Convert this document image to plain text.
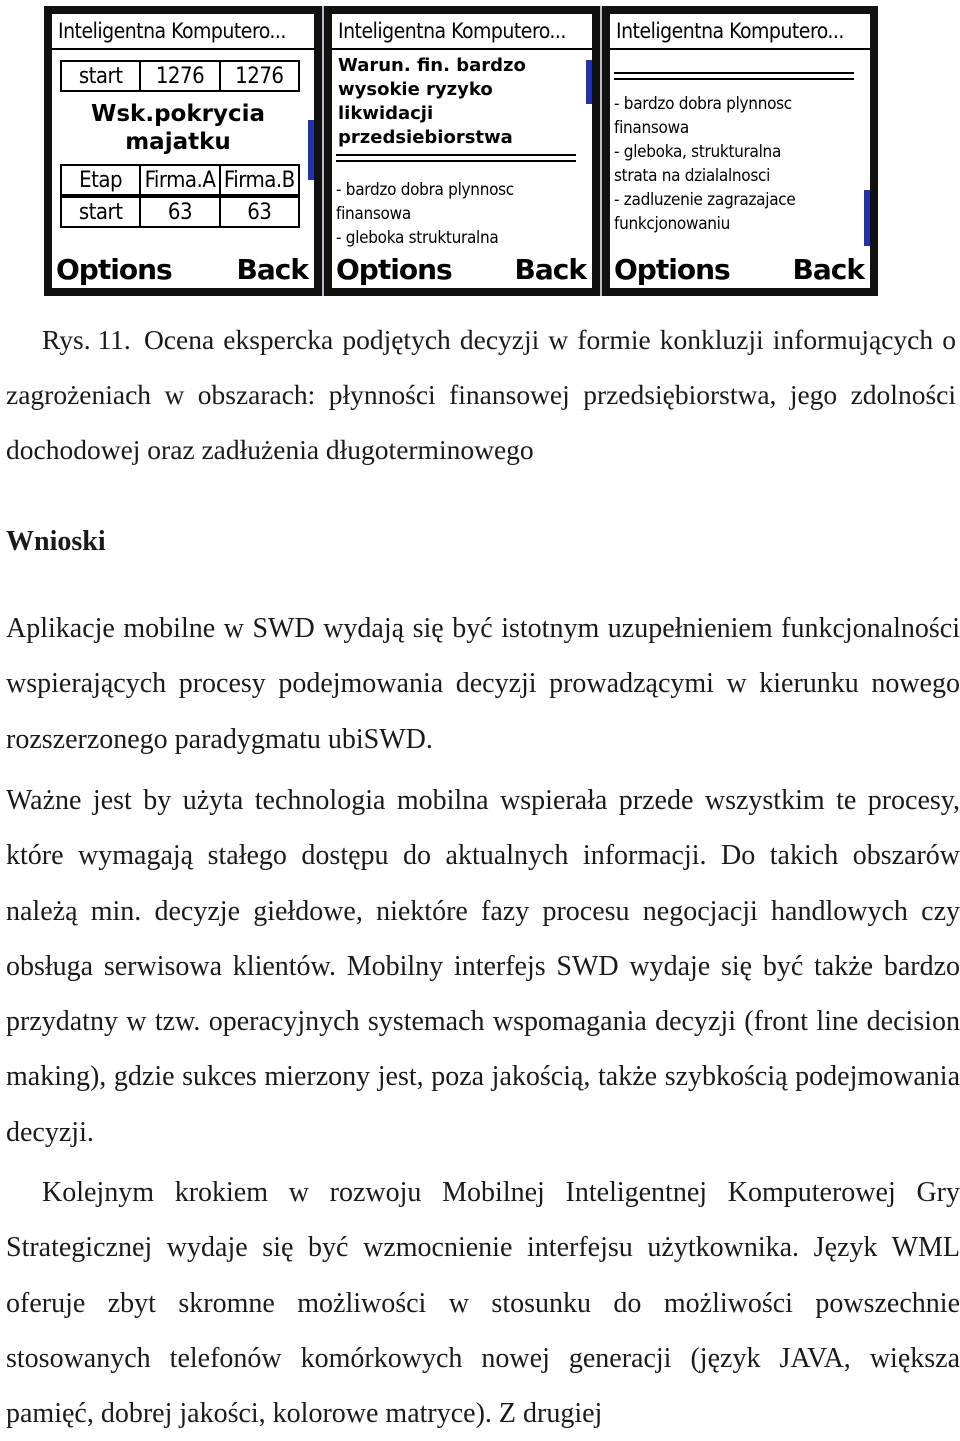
Inteligentna Komputero...
start	1276	1276
Wsk.pokrycia
majatku
Etap	Firma.A Firma.B
start	63	63
Options Back
Inteligentna Komputero...
Warun. fin. bardzo
wysokie ryzyko
likwidacji
przedsiebiorstwa
- bardzo dobra plynnosc
finansowa
- gleboka strukturalna
Options Back
Inteligentna Komputero...
- bardzo dobra plynnosc
finansowa
- gleboka, strukturalna
strata na dzialalnosci
- zadluzenie zagrazajace
funkcjonowaniu
Options Back
Rys. 11. Ocena ekspercka podjętych decyzji w formie konkluzji informujących o zagrożeniach w obszarach: płynności finansowej przedsiębiorstwa, jego zdolności dochodowej oraz zadłużenia długoterminowego
Wnioski

Aplikacje mobilne w SWD wydają się być istotnym uzupełnieniem funkcjonalności wspierających procesy podejmowania decyzji prowadzącymi w kierunku nowego rozszerzonego paradygmatu ubiSWD.

Ważne jest by użyta technologia mobilna wspierała przede wszystkim te procesy, które wymagają stałego dostępu do aktualnych informacji. Do takich obszarów należą min. decyzje giełdowe, niektóre fazy procesu negocjacji handlowych czy obsługa serwisowa klientów. Mobilny interfejs SWD wydaje się być także bardzo przydatny w tzw. operacyjnych systemach wspomagania decyzji (front line decision making), gdzie sukces mierzony jest, poza jakością, także szybkością podejmowania decyzji.

Kolejnym krokiem w rozwoju Mobilnej Inteligentnej Komputerowej Gry Strategicznej wydaje się być wzmocnienie interfejsu użytkownika. Język WML oferuje zbyt skromne możliwości w stosunku do możliwości powszechnie stosowanych telefonów komórkowych nowej generacji (język JAVA, większa pamięć, dobrej jakości, kolorowe matryce). Z drugiej
